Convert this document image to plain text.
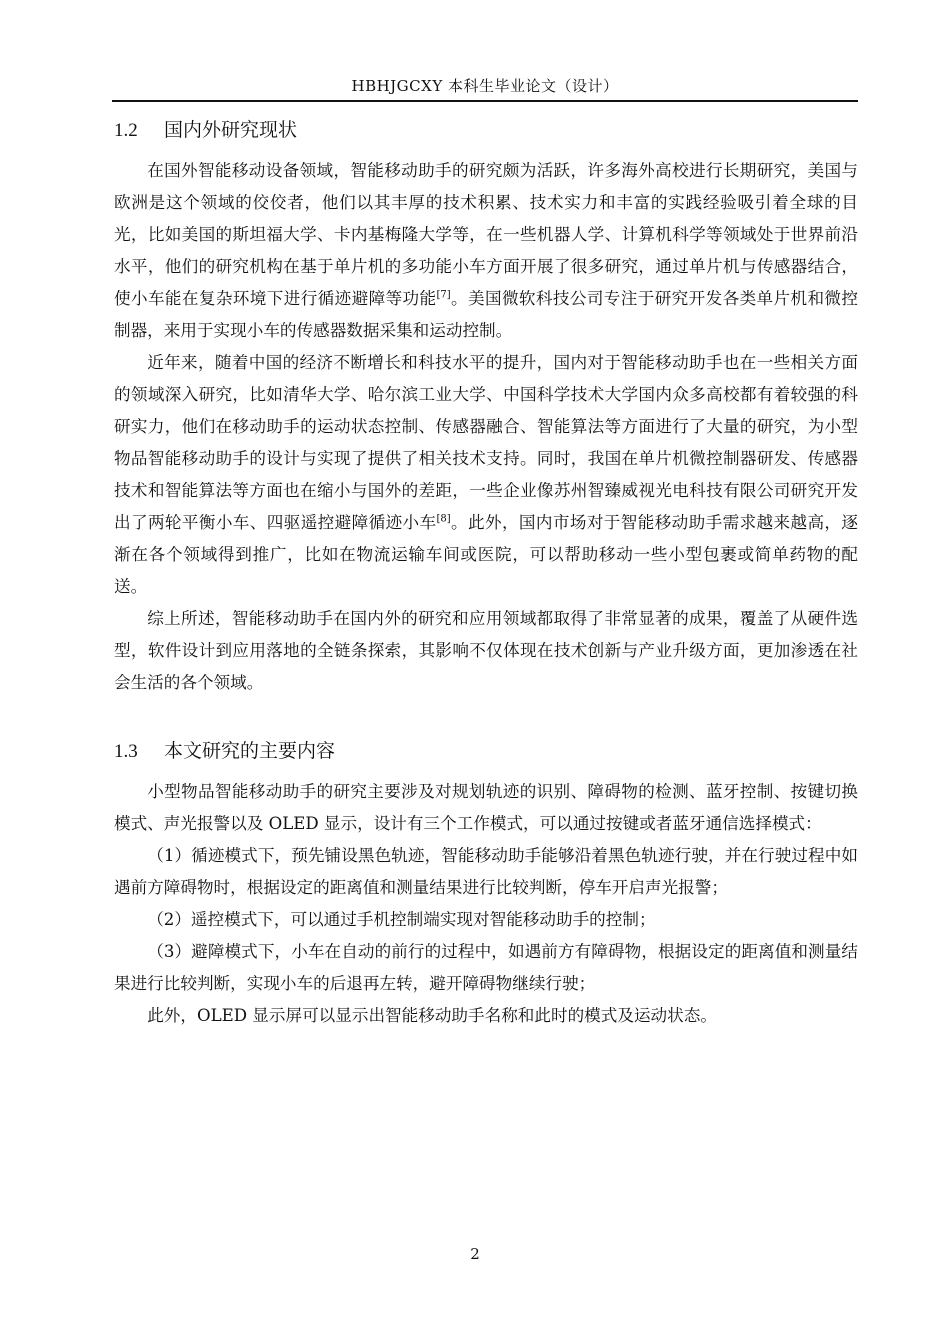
HBHJGCXY 本科生毕业论文（设计）
1.2 国内外研究现状

在国外智能移动设备领域，智能移动助手的研究颇为活跃，许多海外高校进行长期研究，美国与欧洲是这个领域的佼佼者，他们以其丰厚的技术积累、技术实力和丰富的实践经验吸引着全球的目光，比如美国的斯坦福大学、卡内基梅隆大学等，在一些机器人学、计算机科学等领域处于世界前沿水平，他们的研究机构在基于单片机的多功能小车方面开展了很多研究，通过单片机与传感器结合，使小车能在复杂环境下进行循迹避障等功能[7]。美国微软科技公司专注于研究开发各类单片机和微控制器，来用于实现小车的传感器数据采集和运动控制。

近年来，随着中国的经济不断增长和科技水平的提升，国内对于智能移动助手也在一些相关方面的领域深入研究，比如清华大学、哈尔滨工业大学、中国科学技术大学国内众多高校都有着较强的科研实力，他们在移动助手的运动状态控制、传感器融合、智能算法等方面进行了大量的研究，为小型物品智能移动助手的设计与实现了提供了相关技术支持。同时，我国在单片机微控制器研发、传感器技术和智能算法等方面也在缩小与国外的差距，一些企业像苏州智臻威视光电科技有限公司研究开发出了两轮平衡小车、四驱遥控避障循迹小车[8]。此外，国内市场对于智能移动助手需求越来越高，逐渐在各个领域得到推广，比如在物流运输车间或医院，可以帮助移动一些小型包裹或简单药物的配送。

综上所述，智能移动助手在国内外的研究和应用领域都取得了非常显著的成果，覆盖了从硬件选型，软件设计到应用落地的全链条探索，其影响不仅体现在技术创新与产业升级方面，更加渗透在社会生活的各个领域。

1.3 本文研究的主要内容

小型物品智能移动助手的研究主要涉及对规划轨迹的识别、障碍物的检测、蓝牙控制、按键切换模式、声光报警以及 OLED 显示，设计有三个工作模式，可以通过按键或者蓝牙通信选择模式：

（1）循迹模式下，预先铺设黑色轨迹，智能移动助手能够沿着黑色轨迹行驶，并在行驶过程中如遇前方障碍物时，根据设定的距离值和测量结果进行比较判断，停车开启声光报警；

（2）遥控模式下，可以通过手机控制端实现对智能移动助手的控制；

（3）避障模式下，小车在自动的前行的过程中，如遇前方有障碍物，根据设定的距离值和测量结果进行比较判断，实现小车的后退再左转，避开障碍物继续行驶；

此外，OLED 显示屏可以显示出智能移动助手名称和此时的模式及运动状态。

2
